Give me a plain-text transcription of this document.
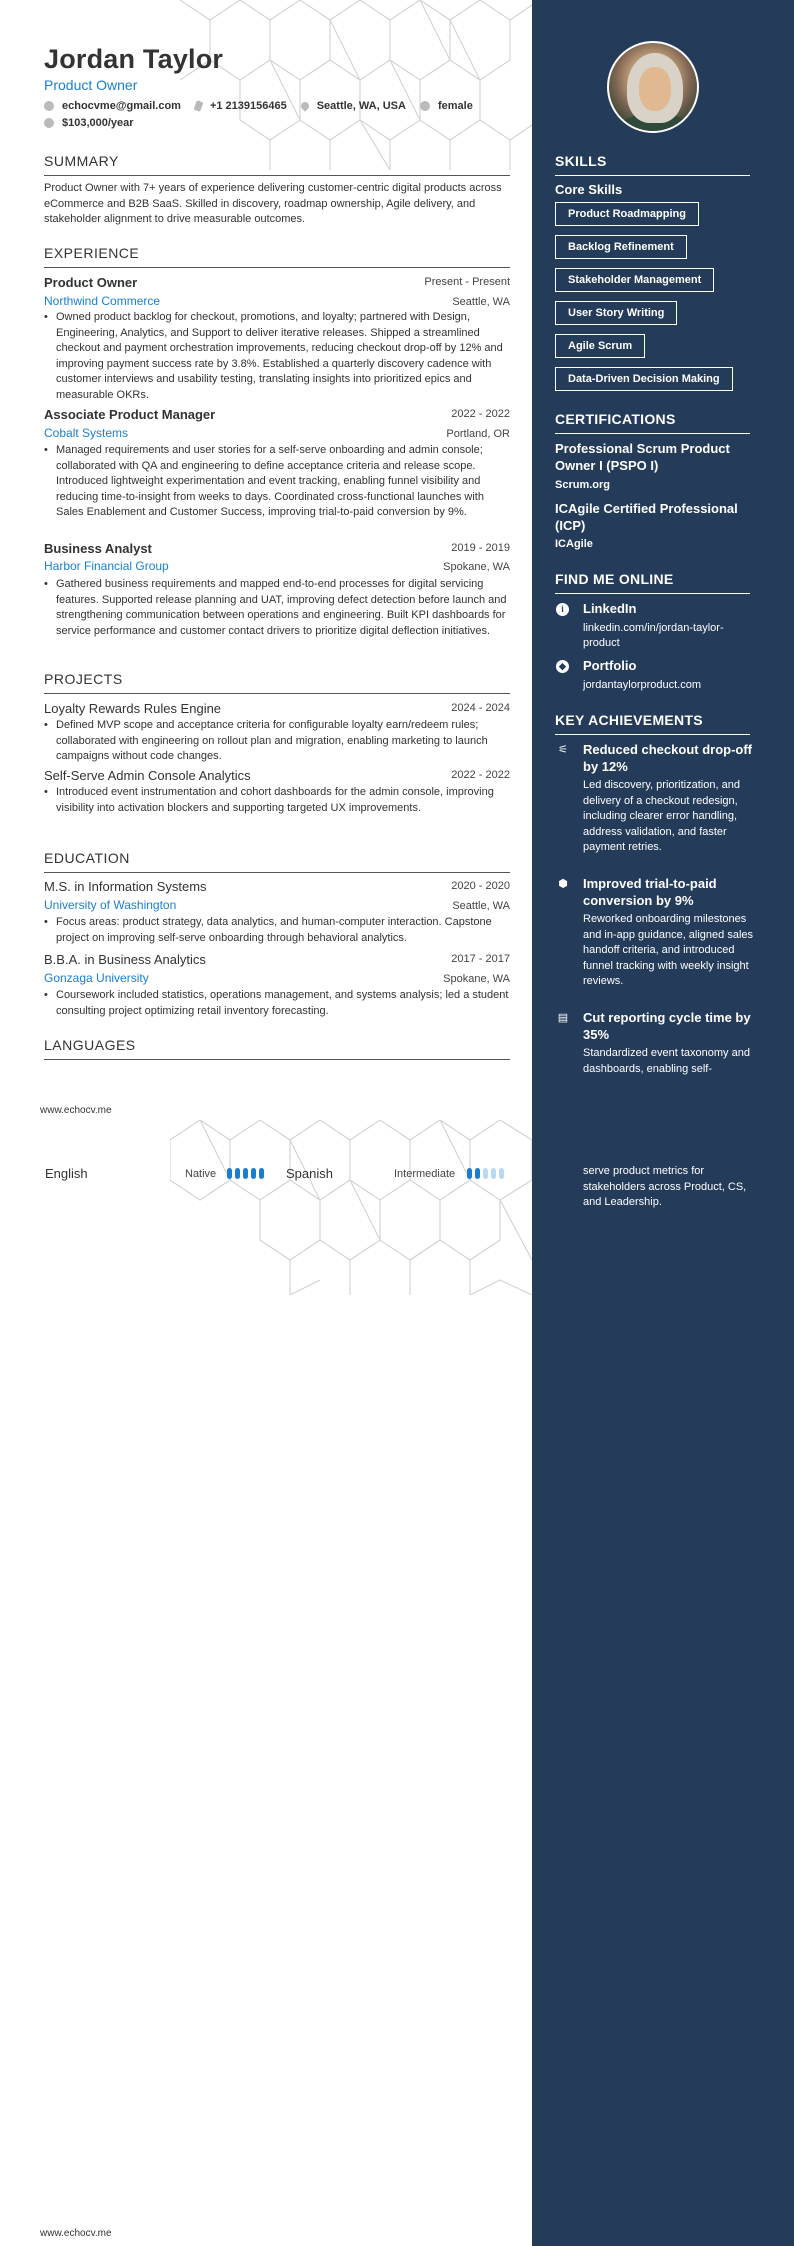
Jordan Taylor
Product Owner
echocvme@gmail.com	+1 2139156465	Seattle, WA, USA	female
$103,000/year
SUMMARY
Product Owner with 7+ years of experience delivering customer-centric digital products across eCommerce and B2B SaaS. Skilled in discovery, roadmap ownership, Agile delivery, and stakeholder alignment to drive measurable outcomes.
EXPERIENCE
Product Owner	Present - Present
Northwind Commerce	Seattle, WA
• Owned product backlog for checkout, promotions, and loyalty; partnered with Design, Engineering, Analytics, and Support to deliver iterative releases. Shipped a streamlined checkout and payment orchestration improvements, reducing checkout drop-off by 12% and improving payment success rate by 3.8%. Established a quarterly discovery cadence with customer interviews and usability testing, translating insights into prioritized epics and measurable OKRs.
Associate Product Manager	2022 - 2022
Cobalt Systems	Portland, OR
• Managed requirements and user stories for a self-serve onboarding and admin console; collaborated with QA and engineering to define acceptance criteria and release scope. Introduced lightweight experimentation and event tracking, enabling funnel visibility and reducing time-to-insight from weeks to days. Coordinated cross-functional launches with Sales Enablement and Customer Success, improving trial-to-paid conversion by 9%.
Business Analyst	2019 - 2019
Harbor Financial Group	Spokane, WA
• Gathered business requirements and mapped end-to-end processes for digital servicing features. Supported release planning and UAT, improving defect detection before launch and strengthening communication between operations and engineering. Built KPI dashboards for service performance and customer contact drivers to prioritize digital deflection initiatives.
PROJECTS
Loyalty Rewards Rules Engine	2024 - 2024
• Defined MVP scope and acceptance criteria for configurable loyalty earn/redeem rules; collaborated with engineering on rollout plan and migration, enabling marketing to launch campaigns without code changes.
Self-Serve Admin Console Analytics	2022 - 2022
• Introduced event instrumentation and cohort dashboards for the admin console, improving visibility into activation blockers and supporting targeted UX improvements.
EDUCATION
M.S. in Information Systems	2020 - 2020
University of Washington	Seattle, WA
• Focus areas: product strategy, data analytics, and human-computer interaction. Capstone project on improving self-serve onboarding through behavioral analytics.
B.B.A. in Business Analytics	2017 - 2017
Gonzaga University	Spokane, WA
• Coursework included statistics, operations management, and systems analysis; led a student consulting project optimizing retail inventory forecasting.
LANGUAGES
www.echocv.me
English	Native	Spanish	Intermediate
www.echocv.me
SKILLS
Core Skills
Product Roadmapping
Backlog Refinement
Stakeholder Management
User Story Writing
Agile Scrum
Data-Driven Decision Making
CERTIFICATIONS
Professional Scrum Product Owner I (PSPO I)
Scrum.org
ICAgile Certified Professional (ICP)
ICAgile
FIND ME ONLINE
i	LinkedIn
linkedin.com/in/jordan-taylor-product
◆ Portfolio
jordantaylorproduct.com
KEY ACHIEVEMENTS
⚟ Reduced checkout drop-off by 12%
Led discovery, prioritization, and delivery of a checkout redesign, including clearer error handling, address validation, and faster payment retries.
⬢ Improved trial-to-paid conversion by 9%
Reworked onboarding milestones and in-app guidance, aligned sales handoff criteria, and introduced funnel tracking with weekly insight reviews.
▤ Cut reporting cycle time by 35%
Standardized event taxonomy and dashboards, enabling self-
serve product metrics for stakeholders across Product, CS, and Leadership.
